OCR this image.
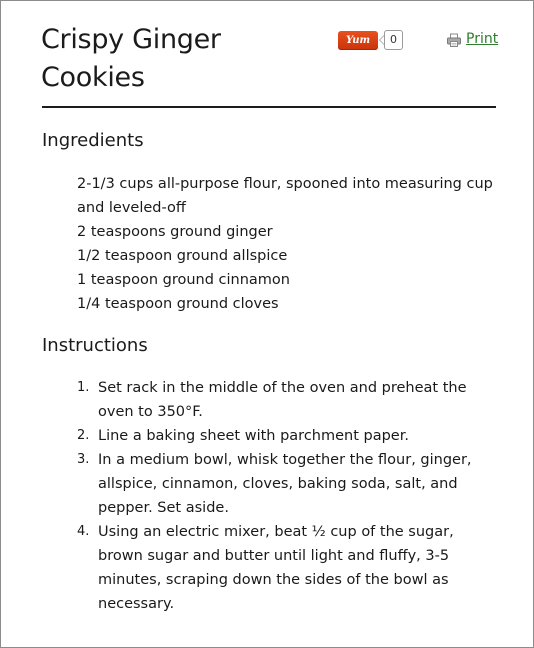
Crispy Ginger Cookies
Yum	0	Print
Ingredients
2-1/3 cups all-purpose flour, spooned into measuring cup and leveled-off
2 teaspoons ground ginger
1/2 teaspoon ground allspice
1 teaspoon ground cinnamon
1/4 teaspoon ground cloves
Instructions
1. Set rack in the middle of the oven and preheat the oven to 350°F.
2. Line a baking sheet with parchment paper.
3. In a medium bowl, whisk together the flour, ginger, allspice, cinnamon, cloves, baking soda, salt, and pepper. Set aside.
4. Using an electric mixer, beat ½ cup of the sugar, brown sugar and butter until light and fluffy, 3-5 minutes, scraping down the sides of the bowl as necessary.
